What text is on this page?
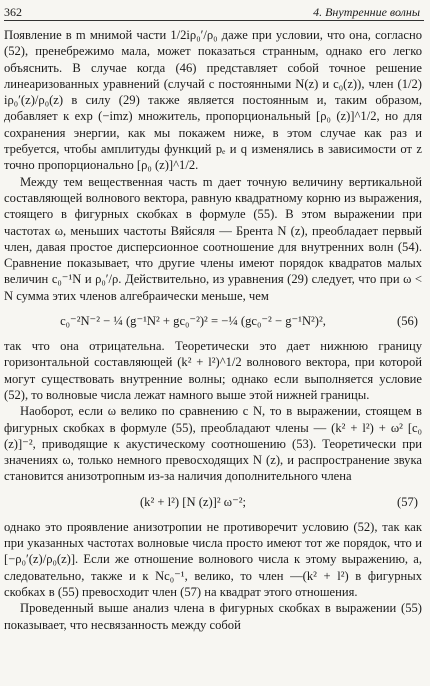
362	4. Внутренние волны

Появление в m мнимой части 1/2iρ₀′/ρ₀ даже при условии, что она, согласно (52), пренебрежимо мала, может показаться странным, однако его легко объяснить. В случае когда (46) представляет собой точное решение линеаризованных уравнений (случай с постоянными N(z) и c₀(z)), член (1/2) iρ₀′(z)/ρ₀(z) в силу (29) также является постоянным и, таким образом, добавляет к exp (−imz) множитель, пропорциональный [ρ₀ (z)]^1/2, но для сохранения энергии, как мы покажем ниже, в этом случае как раз и требуется, чтобы амплитуды функций pₑ и q изменялись в зависимости от z точно пропорционально [ρ₀ (z)]^1/2.

Между тем вещественная часть m дает точную величину вертикальной составляющей волнового вектора, равную квадратному корню из выражения, стоящего в фигурных скобках в формуле (55). В этом выражении при частотах ω, меньших частоты Вяйсяля — Брента N (z), преобладает первый член, давая простое дисперсионное соотношение для внутренних волн (54). Сравнение показывает, что другие члены имеют порядок квадратов малых величин c₀⁻¹N и ρ₀′/ρ. Действительно, из уравнения (29) следует, что при ω < N сумма этих членов алгебраически меньше, чем

c₀⁻²N⁻² − ¼ (g⁻¹N² + gc₀⁻²)² = −¼ (gc₀⁻² − g⁻¹N²)²,	(56)

так что она отрицательна. Теоретически это дает нижнюю границу горизонтальной составляющей (k² + l²)^1/2 волнового вектора, при которой могут существовать внутренние волны; однако если выполняется условие (52), то волновые числа лежат намного выше этой нижней границы.

Наоборот, если ω велико по сравнению с N, то в выражении, стоящем в фигурных скобках в формуле (55), преобладают члены — (k² + l²) + ω² [c₀ (z)]⁻², приводящие к акустическому соотношению (53). Теоретически при значениях ω, только немного превосходящих N (z), и распространение звука становится анизотропным из-за наличия дополнительного члена

(k² + l²) [N (z)]² ω⁻²;	(57)

однако это проявление анизотропии не противоречит условию (52), так как при указанных частотах волновые числа просто имеют тот же порядок, что и [−ρ₀′(z)/ρ₀(z)]. Если же отношение волнового числа к этому выражению, а, следовательно, также и к Nc₀⁻¹, велико, то член —(k² + l²) в фигурных скобках в (55) превосходит член (57) на квадрат этого отношения.

Проведенный выше анализ члена в фигурных скобках в выражении (55) показывает, что несвязанность между собой
